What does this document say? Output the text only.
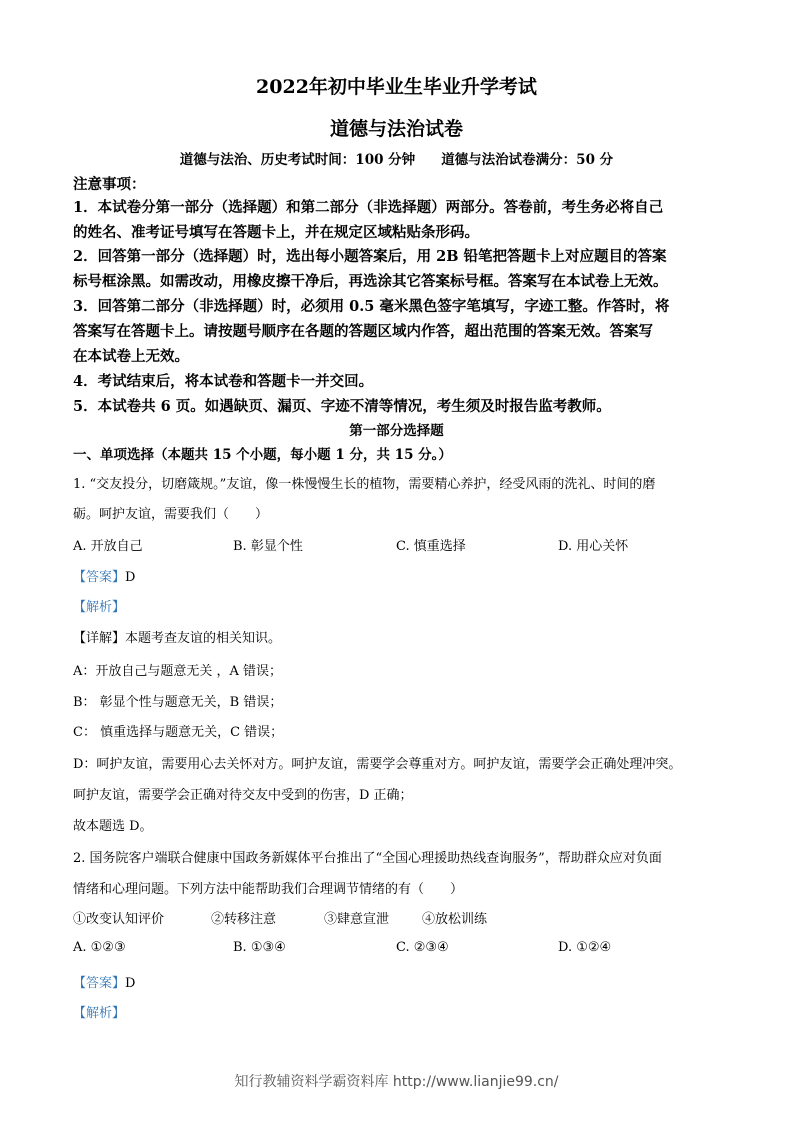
2022年初中毕业生毕业升学考试
道德与法治试卷
道德与法治、历史考试时间：100 分钟 道德与法治试卷满分：50 分
注意事项：
1．本试卷分第一部分（选择题）和第二部分（非选择题）两部分。答卷前，考生务必将自己
的姓名、准考证号填写在答题卡上，并在规定区域粘贴条形码。
2．回答第一部分（选择题）时，选出每小题答案后，用 2B 铅笔把答题卡上对应题目的答案
标号框涂黑。如需改动，用橡皮擦干净后，再选涂其它答案标号框。答案写在本试卷上无效。
3．回答第二部分（非选择题）时，必须用 0.5 毫米黑色签字笔填写，字迹工整。作答时，将
答案写在答题卡上。请按题号顺序在各题的答题区域内作答，超出范围的答案无效。答案写
在本试卷上无效。
4．考试结束后，将本试卷和答题卡一并交回。
5．本试卷共 6 页。如遇缺页、漏页、字迹不清等情况，考生须及时报告监考教师。
第一部分选择题
一、单项选择（本题共 15 个小题，每小题 1 分，共 15 分。）
1. “交友投分，切磨箴规。”友谊，像一株慢慢生长的植物，需要精心养护，经受风雨的洗礼、时间的磨
砺。呵护友谊，需要我们（　　）
A. 开放自己	B. 彰显个性	C. 慎重选择	D. 用心关怀
【答案】D
【解析】
【详解】本题考查友谊的相关知识。
A：开放自己与题意无关 ，A 错误；
B： 彰显个性与题意无关，B 错误；
C： 慎重选择与题意无关，C 错误；
D：呵护友谊，需要用心去关怀对方。呵护友谊，需要学会尊重对方。呵护友谊，需要学会正确处理冲突。
呵护友谊，需要学会正确对待交友中受到的伤害，D 正确；
故本题选 D。
2. 国务院客户端联合健康中国政务新媒体平台推出了“全国心理援助热线查询服务”，帮助群众应对负面
情绪和心理问题。下列方法中能帮助我们合理调节情绪的有（　　）
①改变认知评价	②转移注意	③肆意宣泄	④放松训练
A. ①②③	B. ①③④	C. ②③④	D. ①②④
【答案】D
【解析】
知行教辅资料学霸资料库 http://www.lianjie99.cn/
